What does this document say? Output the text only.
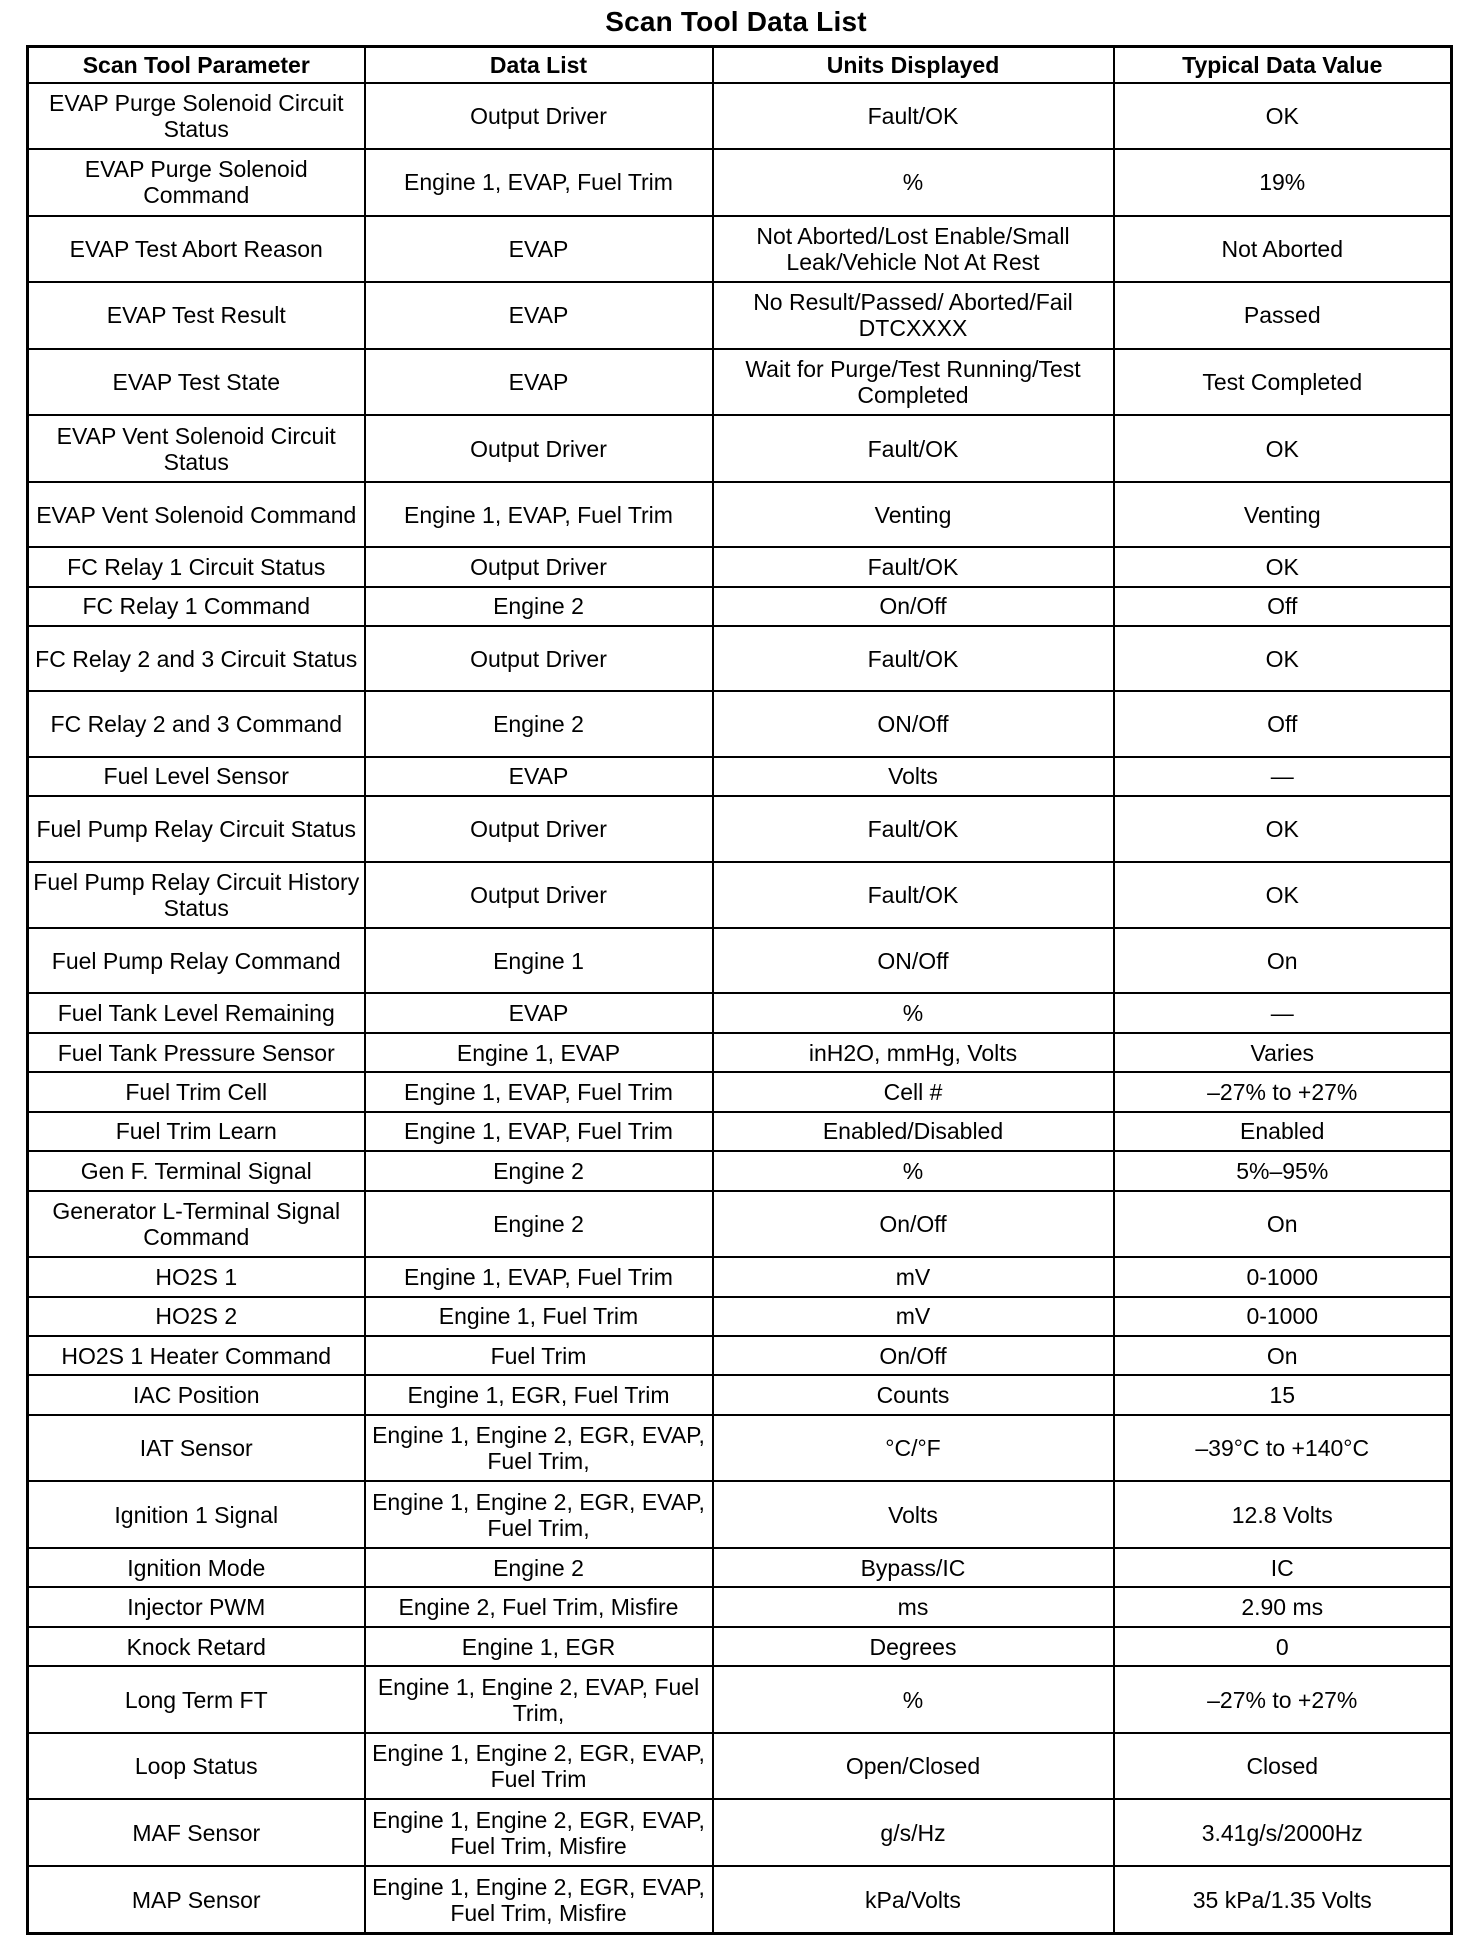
Scan Tool Data List
Scan Tool Parameter	Data List	Units Displayed	Typical Data Value
EVAP Purge Solenoid Circuit Status	Output Driver	Fault/OK	OK
EVAP Purge Solenoid Command	Engine 1, EVAP, Fuel Trim	%	19%
EVAP Test Abort Reason	EVAP	Not Aborted/Lost Enable/Small Leak/Vehicle Not At Rest	Not Aborted
EVAP Test Result	EVAP	No Result/Passed/ Aborted/Fail DTCXXXX	Passed
EVAP Test State	EVAP	Wait for Purge/Test Running/Test Completed	Test Completed
EVAP Vent Solenoid Circuit Status	Output Driver	Fault/OK	OK
EVAP Vent Solenoid Command	Engine 1, EVAP, Fuel Trim	Venting	Venting
FC Relay 1 Circuit Status	Output Driver	Fault/OK	OK
FC Relay 1 Command	Engine 2	On/Off	Off
FC Relay 2 and 3 Circuit Status	Output Driver	Fault/OK	OK
FC Relay 2 and 3 Command	Engine 2	ON/Off	Off
Fuel Level Sensor	EVAP	Volts	—
Fuel Pump Relay Circuit Status	Output Driver	Fault/OK	OK
Fuel Pump Relay Circuit History Status	Output Driver	Fault/OK	OK
Fuel Pump Relay Command	Engine 1	ON/Off	On
Fuel Tank Level Remaining	EVAP	%	—
Fuel Tank Pressure Sensor	Engine 1, EVAP	inH2O, mmHg, Volts	Varies
Fuel Trim Cell	Engine 1, EVAP, Fuel Trim	Cell #	–27% to +27%
Fuel Trim Learn	Engine 1, EVAP, Fuel Trim	Enabled/Disabled	Enabled
Gen F. Terminal Signal	Engine 2	%	5%–95%
Generator L-Terminal Signal Command	Engine 2	On/Off	On
HO2S 1	Engine 1, EVAP, Fuel Trim	mV	0-1000
HO2S 2	Engine 1, Fuel Trim	mV	0-1000
HO2S 1 Heater Command	Fuel Trim	On/Off	On
IAC Position	Engine 1, EGR, Fuel Trim	Counts	15
IAT Sensor	Engine 1, Engine 2, EGR, EVAP, Fuel Trim,	°C/°F	–39°C to +140°C
Ignition 1 Signal	Engine 1, Engine 2, EGR, EVAP, Fuel Trim,	Volts	12.8 Volts
Ignition Mode	Engine 2	Bypass/IC	IC
Injector PWM	Engine 2, Fuel Trim, Misfire	ms	2.90 ms
Knock Retard	Engine 1, EGR	Degrees	0
Long Term FT	Engine 1, Engine 2, EVAP, Fuel Trim,	%	–27% to +27%
Loop Status	Engine 1, Engine 2, EGR, EVAP, Fuel Trim	Open/Closed	Closed
MAF Sensor	Engine 1, Engine 2, EGR, EVAP, Fuel Trim, Misfire	g/s/Hz	3.41g/s/2000Hz
MAP Sensor	Engine 1, Engine 2, EGR, EVAP, Fuel Trim, Misfire	kPa/Volts	35 kPa/1.35 Volts
